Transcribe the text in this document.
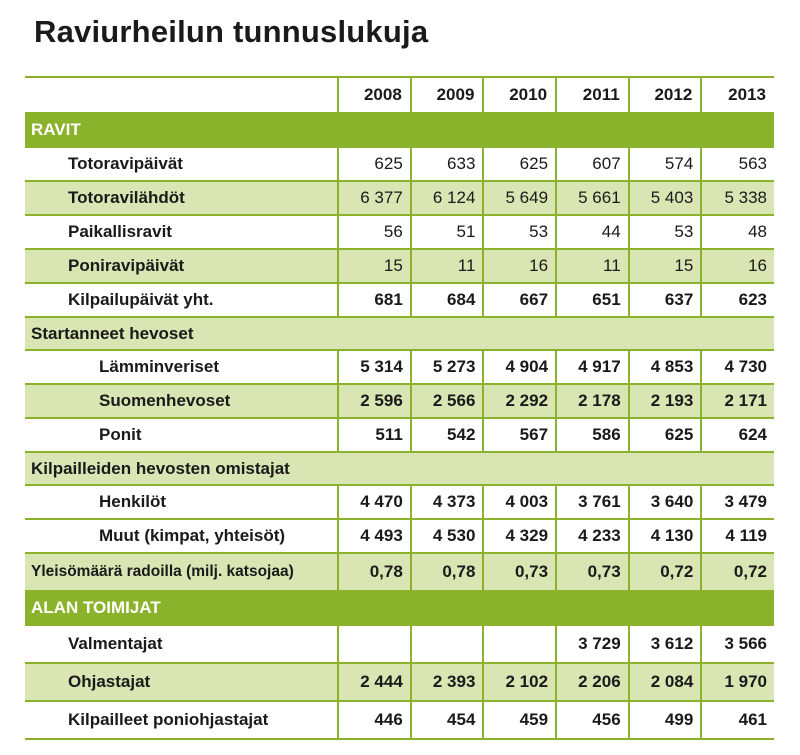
Raviurheilun tunnuslukuja
	2008	2009	2010	2011	2012	2013
RAVIT						
Totoravipäivät	625	633	625	607	574	563
Totoravilähdöt	6 377	6 124	5 649	5 661	5 403	5 338
Paikallisravit	56	51	53	44	53	48
Poniravipäivät	15	11	16	11	15	16
Kilpailupäivät yht.	681	684	667	651	637	623
Startanneet hevoset						
Lämminveriset	5 314	5 273	4 904	4 917	4 853	4 730
Suomenhevoset	2 596	2 566	2 292	2 178	2 193	2 171
Ponit	511	542	567	586	625	624
Kilpailleiden hevosten omistajat						
Henkilöt	4 470	4 373	4 003	3 761	3 640	3 479
Muut (kimpat, yhteisöt)	4 493	4 530	4 329	4 233	4 130	4 119
Yleisömäärä radoilla (milj. katsojaa)	0,78	0,78	0,73	0,73	0,72	0,72
ALAN TOIMIJAT						
Valmentajat				3 729	3 612	3 566
Ohjastajat	2 444	2 393	2 102	2 206	2 084	1 970
Kilpailleet poniohjastajat	446	454	459	456	499	461
